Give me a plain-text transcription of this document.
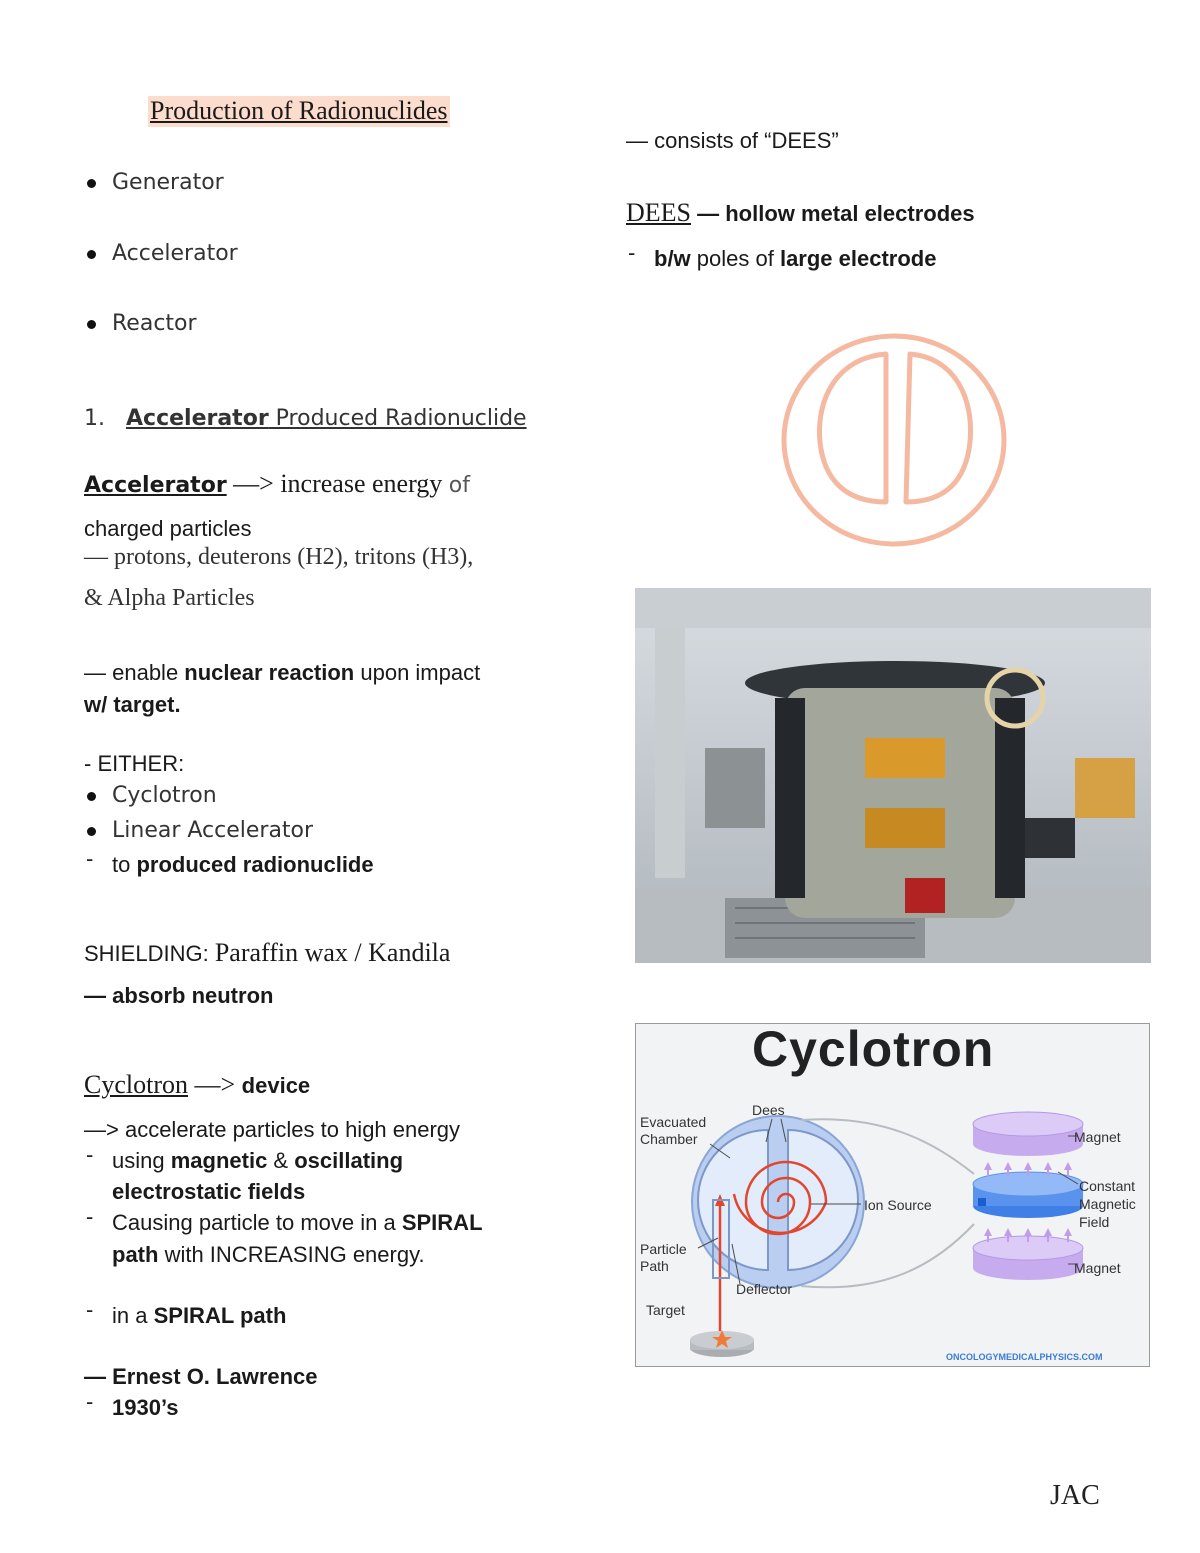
Production of Radionuclides
Generator
Accelerator
Reactor
1. Accelerator Produced Radionuclide
Accelerator —> increase energy of
charged particles
— protons, deuterons (H2), tritons (H3),
& Alpha Particles
— enable nuclear reaction upon impact
w/ target.
- EITHER:
Cyclotron
Linear Accelerator
- to produced radionuclide
SHIELDING: Paraffin wax / Kandila
— absorb neutron
Cyclotron —> device
—> accelerate particles to high energy
- using magnetic & oscillating
electrostatic fields
- Causing particle to move in a SPIRAL
path with INCREASING energy.
- in a SPIRAL path
— Ernest O. Lawrence
- 1930’s
— consists of “DEES”
DEES — hollow metal electrodes
- b/w poles of large electrode
Cyclotron
Evacuated
Chamber
Dees
Ion Source
Particle
Path
Deflector
Target
Magnet
Constant
Magnetic
Field
Magnet
ONCOLOGYMEDICALPHYSICS.COM
JAC
